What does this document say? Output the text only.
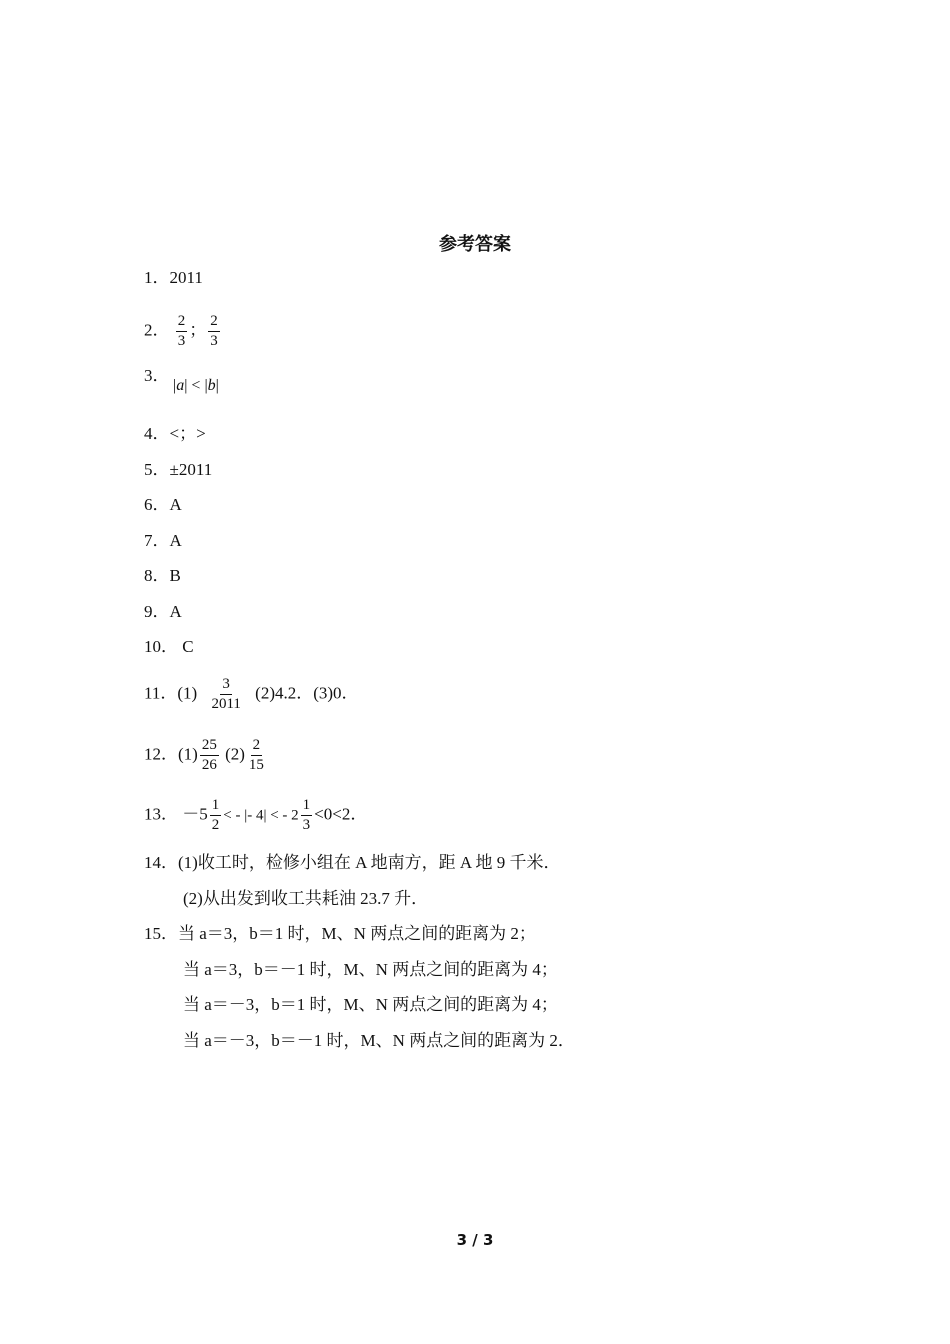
参考答案
1．2011
2． $\frac{2}{3}$ ； $\frac{2}{3}$
3．
|a| < |b|
4．<；>
5．±2011
6．A
7．A
8．B
9．A
10． C
11．$(1) \frac{3}{2011} (2)4.2$．(3)0．
12．$(1) \frac{25}{26} (2) \frac{2}{15}$
13． $-5 \frac{1}{2}$ < - |- 4| < - $2 \frac{1}{3} <0<2$．
14．(1)收工时，检修小组在 A 地南方，距 A 地 9 千米．
(2)从出发到收工共耗油 23.7 升．
15．当 a＝3，b＝1 时，M、N 两点之间的距离为 2；
当 a＝3，b＝－1 时，M、N 两点之间的距离为 4；
当 a＝－3，b＝1 时，M、N 两点之间的距离为 4；
当 a＝－3，b＝－1 时，M、N 两点之间的距离为 2．
3 / 3
